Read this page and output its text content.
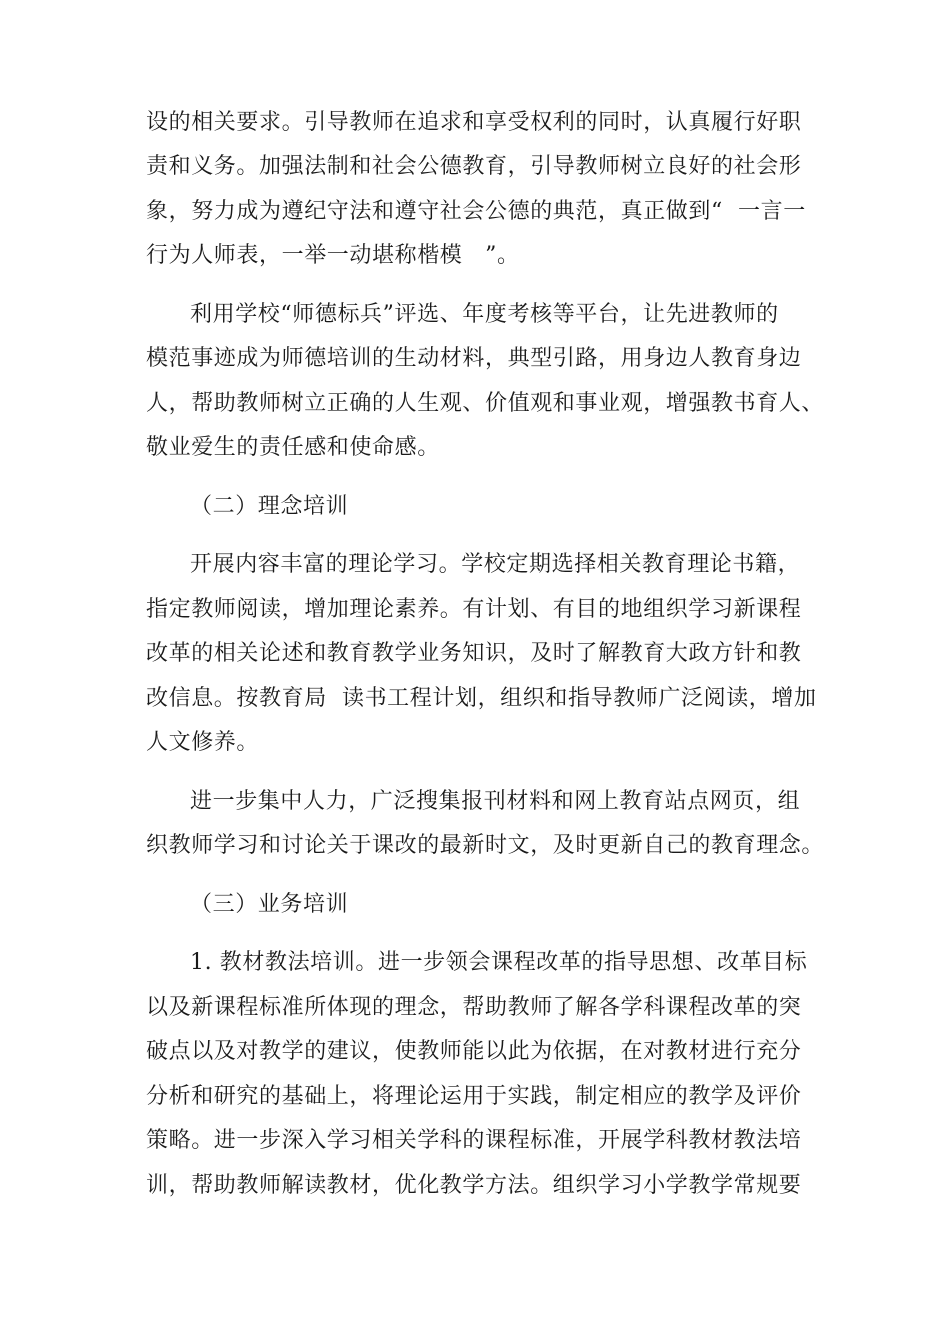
设的相关要求。引导教师在追求和享受权利的同时，认真履行好职
责和义务。加强法制和社会公德教育，引导教师树立良好的社会形
象，努力成为遵纪守法和遵守社会公德的典范，真正做到“  一言一
行为人师表，一举一动堪称楷模   ”。
利用学校“师德标兵”评选、年度考核等平台，让先进教师的
模范事迹成为师德培训的生动材料，典型引路，用身边人教育身边
人，帮助教师树立正确的人生观、价值观和事业观，增强教书育人、
敬业爱生的责任感和使命感。
（二）理念培训
开展内容丰富的理论学习。学校定期选择相关教育理论书籍，
指定教师阅读，增加理论素养。有计划、有目的地组织学习新课程
改革的相关论述和教育教学业务知识，及时了解教育大政方针和教
改信息。按教育局  读书工程计划，组织和指导教师广泛阅读，增加
人文修养。
进一步集中人力，广泛搜集报刊材料和网上教育站点网页，组
织教师学习和讨论关于课改的最新时文，及时更新自己的教育理念。
（三）业务培训
1. 教材教法培训。进一步领会课程改革的指导思想、改革目标
以及新课程标准所体现的理念，帮助教师了解各学科课程改革的突
破点以及对教学的建议，使教师能以此为依据，在对教材进行充分
分析和研究的基础上，将理论运用于实践，制定相应的教学及评价
策略。进一步深入学习相关学科的课程标准，开展学科教材教法培
训，帮助教师解读教材，优化教学方法。组织学习小学教学常规要
